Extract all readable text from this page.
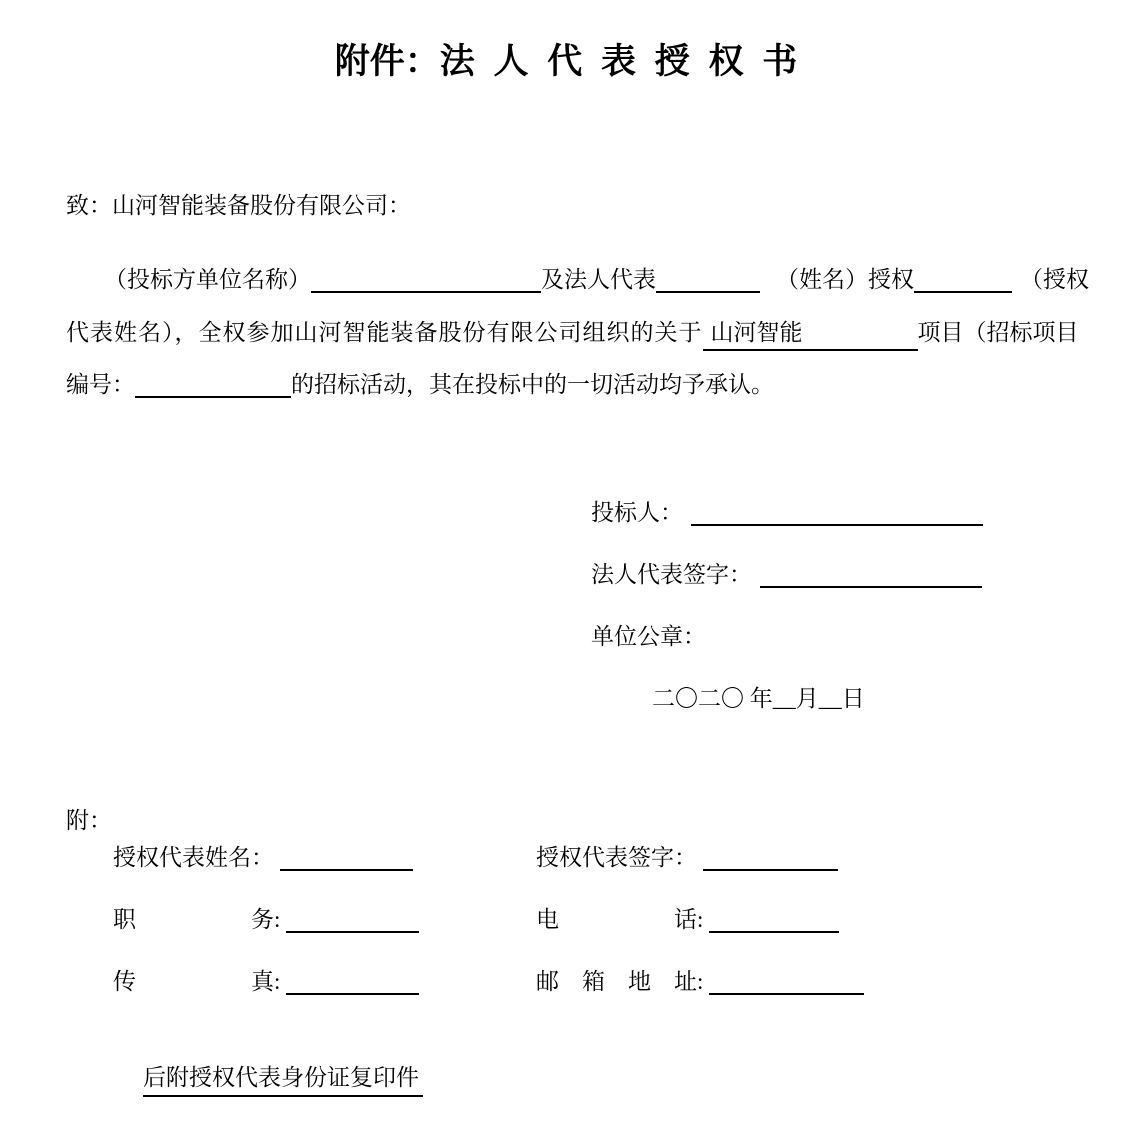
附件：法 人 代 表 授 权 书
致：山河智能装备股份有限公司：
（投标方单位名称）	及法人代表	（姓名）授权	（授权
代表姓名），全权参加山河智能装备股份有限公司组织的关于 山河智能	项目（招标项目
编号：	的招标活动，其在投标中的一切活动均予承认。
投标人：
法人代表签字：
单位公章：
二〇二〇 年__月__日
附：
授权代表姓名：	授权代表签字：
职　　　　　务:	电　　　　　话:
传　　　　　真:	邮　箱　地　址:
后附授权代表身份证复印件
